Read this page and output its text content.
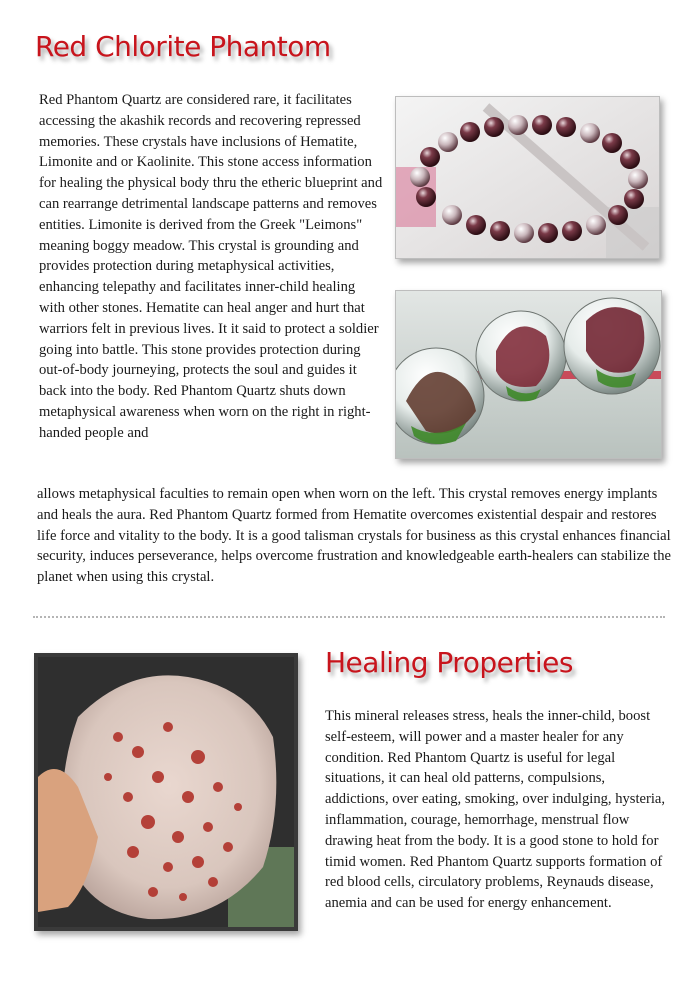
Red Chlorite Phantom

Red Phantom Quartz are considered rare, it facilitates accessing the akashik records and recovering repressed memories. These crystals have inclusions of Hematite, Limonite and or Kaolinite. This stone access information for healing the physical body thru the etheric blueprint and can rearrange detrimental landscape patterns and removes entities. Limonite is derived from the Greek "Leimons" meaning boggy meadow. This crystal is grounding and provides protection during metaphysical activities, enhancing telepathy and facilitates inner-child healing with other stones. Hematite can heal anger and hurt that warriors felt in previous lives. It it said to protect a soldier going into battle. This stone provides protection during out-of-body journeying, protects the soul and guides it back into the body. Red Phantom Quartz shuts down metaphysical awareness when worn on the right in right-handed people and

allows metaphysical faculties to remain open when worn on the left. This crystal removes energy implants and heals the aura. Red Phantom Quartz formed from Hematite overcomes existential despair and restores life force and vitality to the body. It is a good talisman crystals for business as this crystal enhances financial security, induces perseverance, helps overcome frustration and knowledgeable earth-healers can stabilize the planet when using this crystal.

Healing Properties

This mineral releases stress, heals the inner-child, boost self-esteem, will power and a master healer for any condition. Red Phantom Quartz is useful for legal situations, it can heal old patterns, compulsions, addictions, over eating, smoking, over indulging, hysteria, inflammation, courage, hemorrhage, menstrual flow drawing heat from the body. It is a good stone to hold for timid women. Red Phantom Quartz supports formation of red blood cells, circulatory problems, Reynauds disease, anemia and can be used for energy enhancement.
